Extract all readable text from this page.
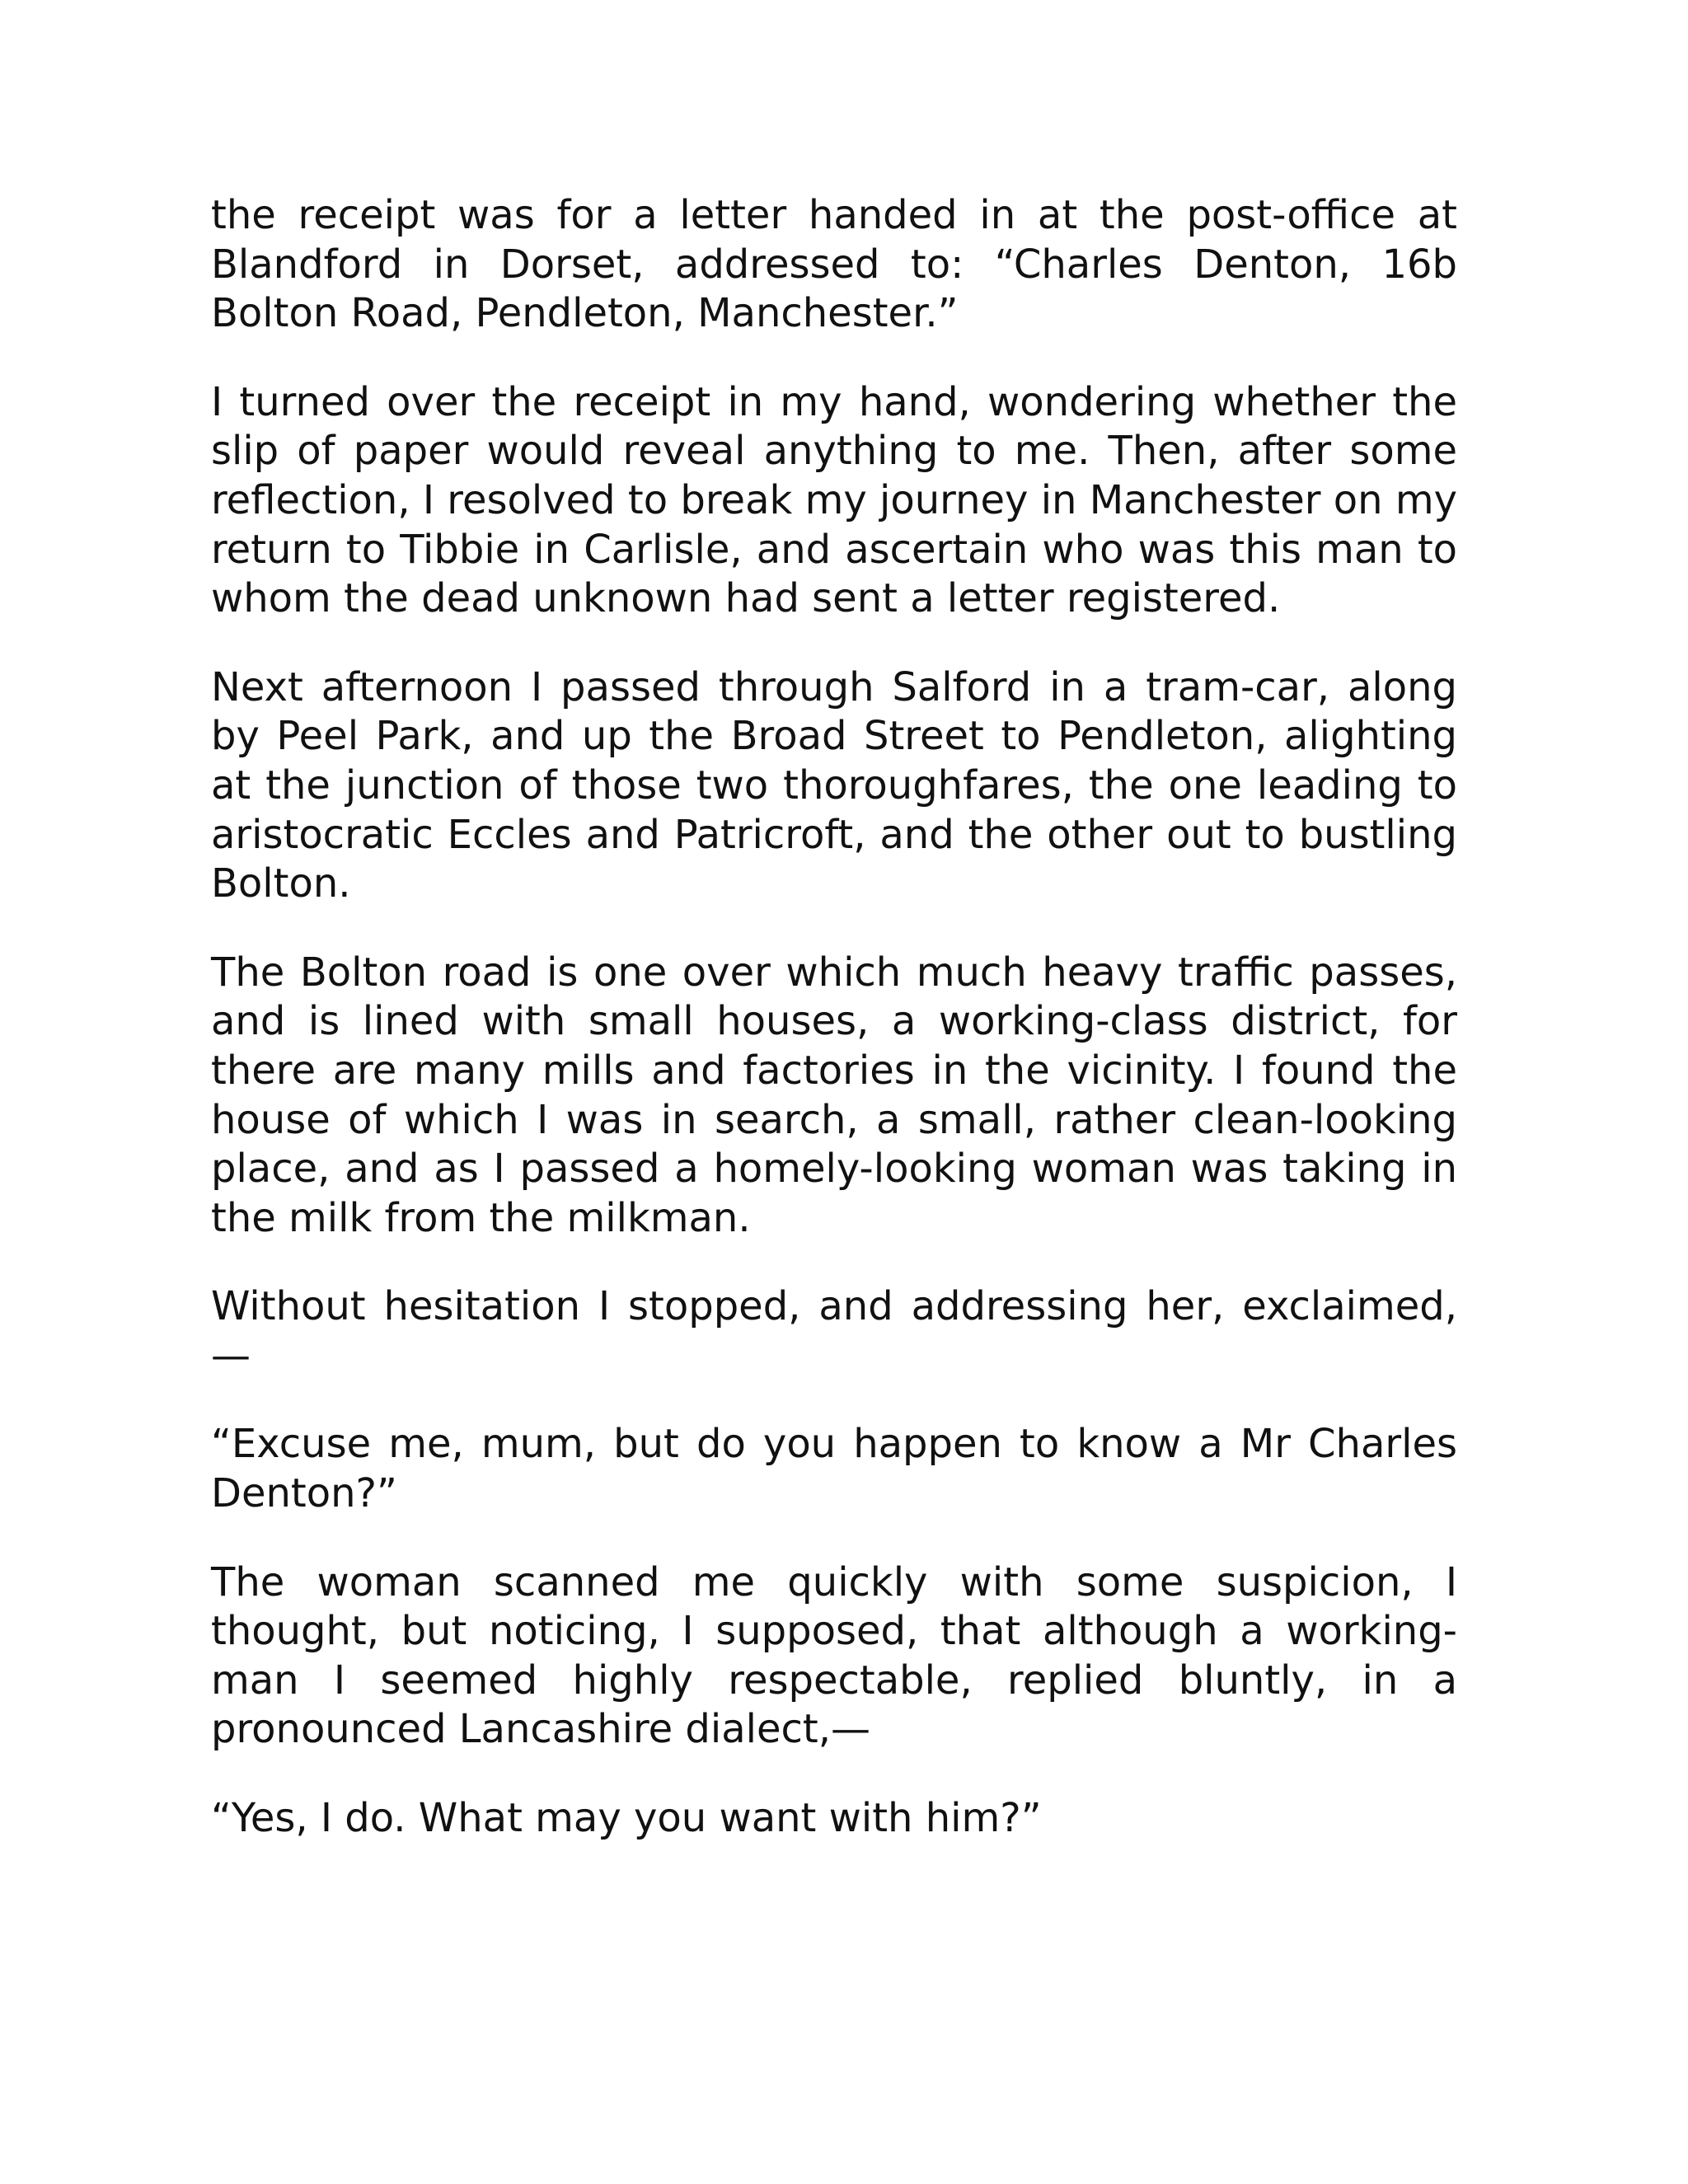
the receipt was for a letter handed in at the post-office at Blandford in Dorset, addressed to: “Charles Denton, 16b Bolton Road, Pendleton, Manchester.”

I turned over the receipt in my hand, wondering whether the slip of paper would reveal anything to me. Then, after some reflection, I resolved to break my journey in Manchester on my return to Tibbie in Carlisle, and ascertain who was this man to whom the dead unknown had sent a letter registered.

Next afternoon I passed through Salford in a tram-car, along by Peel Park, and up the Broad Street to Pendleton, alighting at the junction of those two thoroughfares, the one leading to aristocratic Eccles and Patricroft, and the other out to bustling Bolton.

The Bolton road is one over which much heavy traffic passes, and is lined with small houses, a working-class district, for there are many mills and factories in the vicinity. I found the house of which I was in search, a small, rather clean-looking place, and as I passed a homely-looking woman was taking in the milk from the milkman.

Without hesitation I stopped, and addressing her, exclaimed,—

“Excuse me, mum, but do you happen to know a Mr Charles Denton?”

The woman scanned me quickly with some suspicion, I thought, but noticing, I supposed, that although a working-man I seemed highly respectable, replied bluntly, in a pronounced Lancashire dialect,—

“Yes, I do. What may you want with him?”
